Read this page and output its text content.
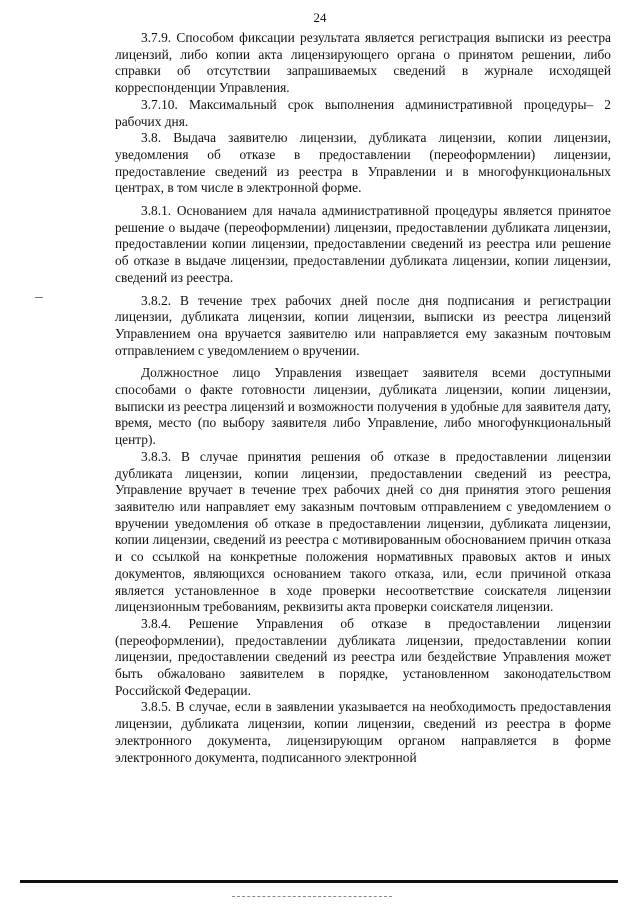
24

3.7.9. Способом фиксации результата является регистрация выписки из реестра лицензий, либо копии акта лицензирующего органа о принятом решении, либо справки об отсутствии запрашиваемых сведений в журнале исходящей корреспонденции Управления.

3.7.10. Максимальный срок выполнения административной процедуры– 2 рабочих дня.

3.8. Выдача заявителю лицензии, дубликата лицензии, копии лицензии, уведомления об отказе в предоставлении (переоформлении) лицензии, предоставление сведений из реестра в Управлении и в многофункциональных центрах, в том числе в электронной форме.

3.8.1. Основанием для начала административной процедуры является принятое решение о выдаче (переоформлении) лицензии, предоставлении дубликата лицензии, предоставлении копии лицензии, предоставлении сведений из реестра или решение об отказе в выдаче лицензии, предоставлении дубликата лицензии, копии лицензии, сведений из реестра.

3.8.2. В течение трех рабочих дней после дня подписания и регистрации лицензии, дубликата лицензии, копии лицензии, выписки из реестра лицензий Управлением она вручается заявителю или направляется ему заказным почтовым отправлением с уведомлением о вручении.

Должностное лицо Управления извещает заявителя всеми доступными способами о факте готовности лицензии, дубликата лицензии, копии лицензии, выписки из реестра лицензий и возможности получения в удобные для заявителя дату, время, место (по выбору заявителя либо Управление, либо многофункциональный центр).

3.8.3. В случае принятия решения об отказе в предоставлении лицензии дубликата лицензии, копии лицензии, предоставлении сведений из реестра, Управление вручает в течение трех рабочих дней со дня принятия этого решения заявителю или направляет ему заказным почтовым отправлением с уведомлением о вручении уведомления об отказе в предоставлении лицензии, дубликата лицензии, копии лицензии, сведений из реестра с мотивированным обоснованием причин отказа и со ссылкой на конкретные положения нормативных правовых актов и иных документов, являющихся основанием такого отказа, или, если причиной отказа является установленное в ходе проверки несоответствие соискателя лицензии лицензионным требованиям, реквизиты акта проверки соискателя лицензии.

3.8.4. Решение Управления об отказе в предоставлении лицензии (переоформлении), предоставлении дубликата лицензии, предоставлении копии лицензии, предоставлении сведений из реестра или бездействие Управления может быть обжаловано заявителем в порядке, установленном законодательством Российской Федерации.

3.8.5. В случае, если в заявлении указывается на необходимость предоставления лицензии, дубликата лицензии, копии лицензии, сведений из реестра в форме электронного документа, лицензирующим органом направляется в форме электронного документа, подписанного электронной
